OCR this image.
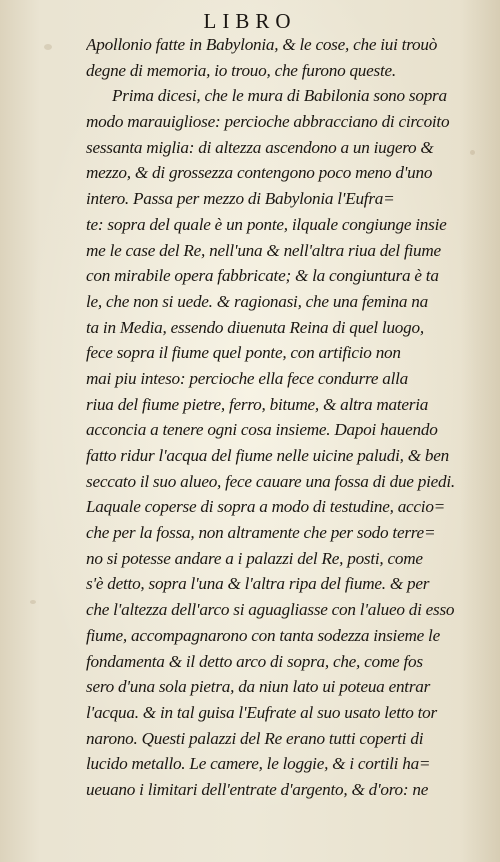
LIBRO
Apollonio fatte in Babylonia, & le cose, che iui trouò
degne di memoria, io trouo, che furono queste.
Prima dicesi, che le mura di Babilonia sono sopra
modo marauigliose: percioche abbracciano di circoito
sessanta miglia: di altezza ascendono a un iugero &
mezzo, & di grossezza contengono poco meno d'uno
intero. Passa per mezzo di Babylonia l'Eufra=
te: sopra del quale è un ponte, ilquale congiunge insie
me le case del Re, nell'una & nell'altra riua del fiume
con mirabile opera fabbricate; & la congiuntura è ta
le, che non si uede. & ragionasi, che una femina na
ta in Media, essendo diuenuta Reina di quel luogo,
fece sopra il fiume quel ponte, con artificio non
mai piu inteso: percioche ella fece condurre alla
riua del fiume pietre, ferro, bitume, & altra materia
acconcia a tenere ogni cosa insieme. Dapoi hauendo
fatto ridur l'acqua del fiume nelle uicine paludi, & ben
seccato il suo alueo, fece cauare una fossa di due piedi.
Laquale coperse di sopra a modo di testudine, accio=
che per la fossa, non altramente che per sodo terre=
no si potesse andare a i palazzi del Re, posti, come
s'è detto, sopra l'una & l'altra ripa del fiume. & per
che l'altezza dell'arco si aguagliasse con l'alueo di esso
fiume, accompagnarono con tanta sodezza insieme le
fondamenta & il detto arco di sopra, che, come fos
sero d'una sola pietra, da niun lato ui poteua entrar
l'acqua. & in tal guisa l'Eufrate al suo usato letto tor
narono. Questi palazzi del Re erano tutti coperti di
lucido metallo. Le camere, le loggie, & i cortili ha=
ueuano i limitari dell'entrate d'argento, & d'oro: ne
